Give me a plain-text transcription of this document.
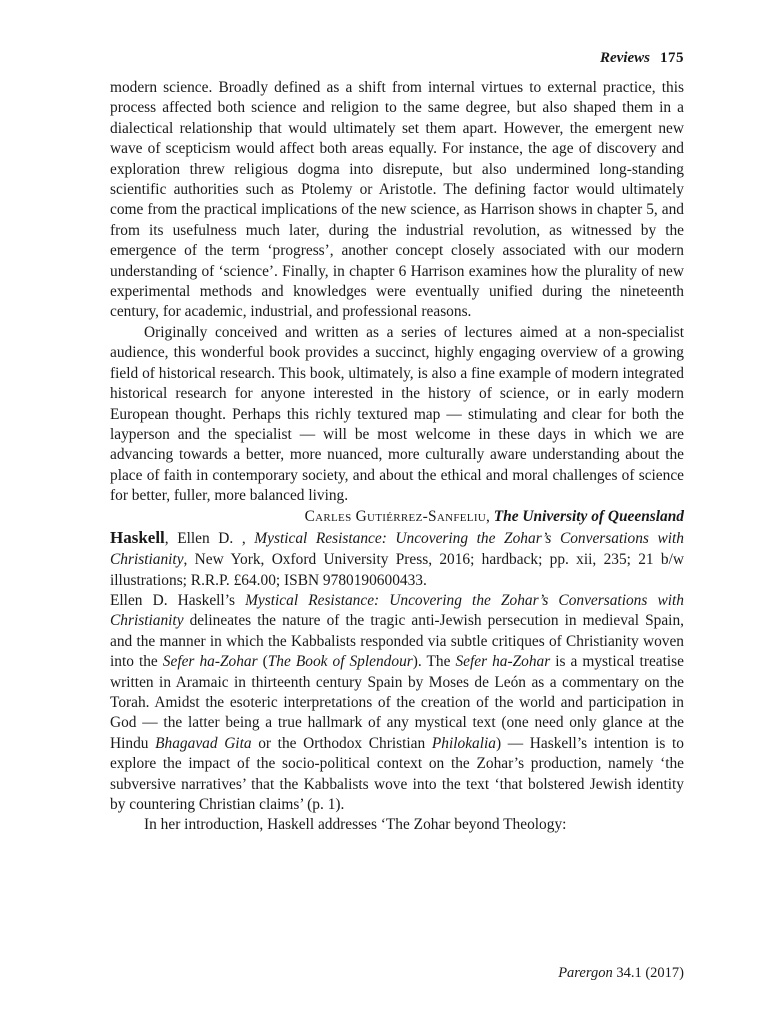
Reviews 175

modern science. Broadly defined as a shift from internal virtues to external practice, this process affected both science and religion to the same degree, but also shaped them in a dialectical relationship that would ultimately set them apart. However, the emergent new wave of scepticism would affect both areas equally. For instance, the age of discovery and exploration threw religious dogma into disrepute, but also undermined long-standing scientific authorities such as Ptolemy or Aristotle. The defining factor would ultimately come from the practical implications of the new science, as Harrison shows in chapter 5, and from its usefulness much later, during the industrial revolution, as witnessed by the emergence of the term ‘progress’, another concept closely associated with our modern understanding of ‘science’. Finally, in chapter 6 Harrison examines how the plurality of new experimental methods and knowledges were eventually unified during the nineteenth century, for academic, industrial, and professional reasons.

Originally conceived and written as a series of lectures aimed at a non-specialist audience, this wonderful book provides a succinct, highly engaging overview of a growing field of historical research. This book, ultimately, is also a fine example of modern integrated historical research for anyone interested in the history of science, or in early modern European thought. Perhaps this richly textured map — stimulating and clear for both the layperson and the specialist — will be most welcome in these days in which we are advancing towards a better, more nuanced, more culturally aware understanding about the place of faith in contemporary society, and about the ethical and moral challenges of science for better, fuller, more balanced living.

Carles Gutiérrez-Sanfeliu, The University of Queensland

Haskell, Ellen D. , Mystical Resistance: Uncovering the Zohar’s Conversations with Christianity, New York, Oxford University Press, 2016; hardback; pp. xii, 235; 21 b/w illustrations; R.R.P. £64.00; ISBN 9780190600433.

Ellen D. Haskell’s Mystical Resistance: Uncovering the Zohar’s Conversations with Christianity delineates the nature of the tragic anti-Jewish persecution in medieval Spain, and the manner in which the Kabbalists responded via subtle critiques of Christianity woven into the Sefer ha-Zohar (The Book of Splendour). The Sefer ha-Zohar is a mystical treatise written in Aramaic in thirteenth century Spain by Moses de León as a commentary on the Torah. Amidst the esoteric interpretations of the creation of the world and participation in God — the latter being a true hallmark of any mystical text (one need only glance at the Hindu Bhagavad Gita or the Orthodox Christian Philokalia) — Haskell’s intention is to explore the impact of the socio-political context on the Zohar’s production, namely ‘the subversive narratives’ that the Kabbalists wove into the text ‘that bolstered Jewish identity by countering Christian claims’ (p. 1).

In her introduction, Haskell addresses ‘The Zohar beyond Theology:

Parergon 34.1 (2017)
